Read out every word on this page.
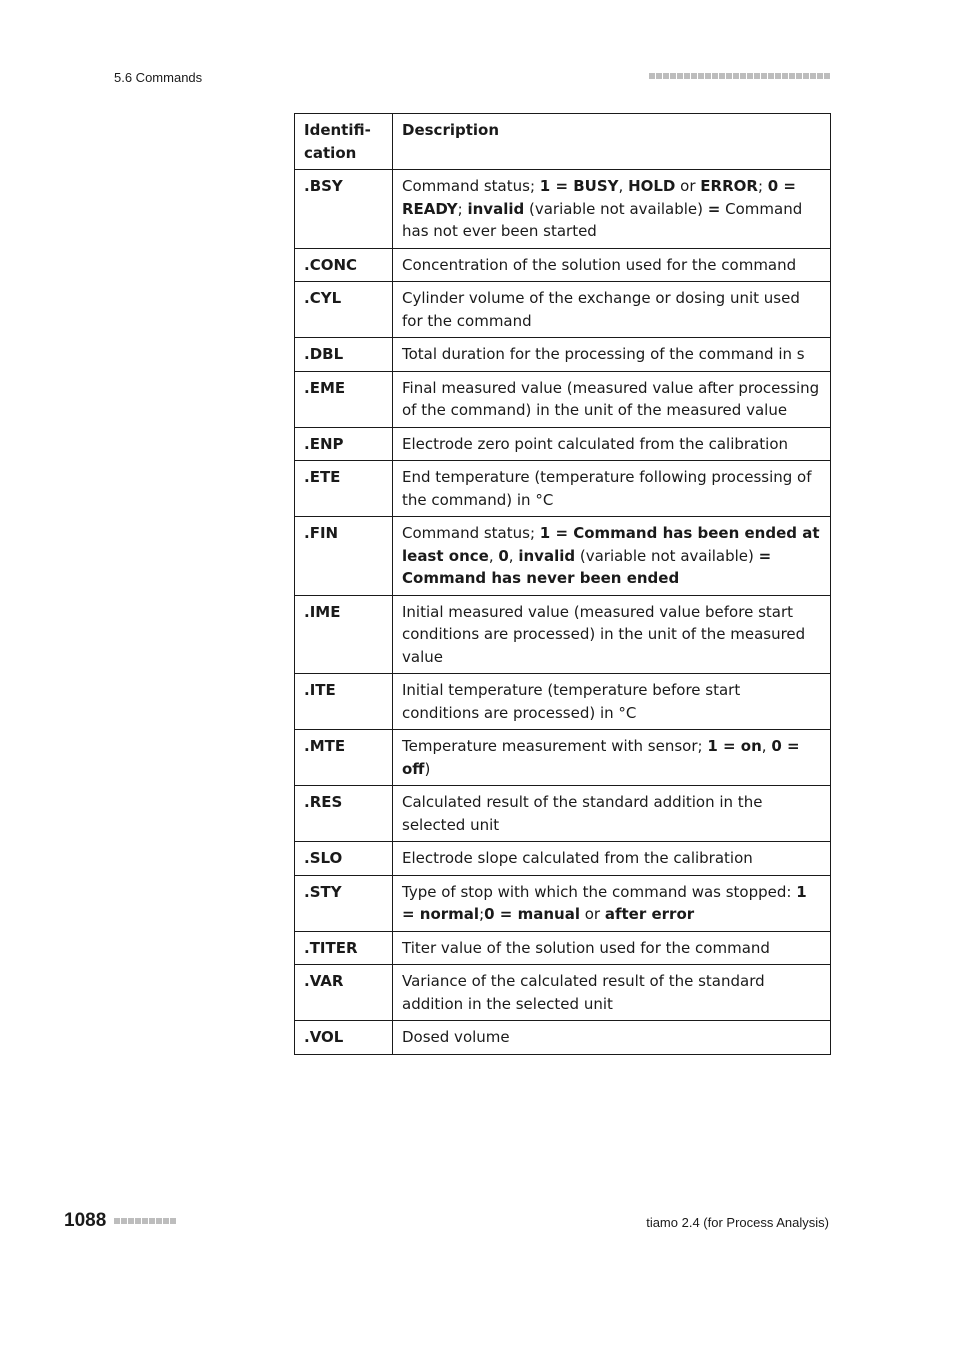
5.6 Commands
Identifi-
cation	Description
.BSY	Command status; 1 = BUSY, HOLD or ERROR; 0 = READY; invalid (variable not available) = Command has not ever been started
.CONC	Concentration of the solution used for the command
.CYL	Cylinder volume of the exchange or dosing unit used for the command
.DBL	Total duration for the processing of the command in s
.EME	Final measured value (measured value after processing of the command) in the unit of the measured value
.ENP	Electrode zero point calculated from the calibration
.ETE	End temperature (temperature following processing of the command) in °C
.FIN	Command status; 1 = Command has been ended at least once, 0, invalid (variable not available) = Command has never been ended
.IME	Initial measured value (measured value before start conditions are processed) in the unit of the measured value
.ITE	Initial temperature (temperature before start conditions are processed) in °C
.MTE	Temperature measurement with sensor; 1 = on, 0 = off)
.RES	Calculated result of the standard addition in the selected unit
.SLO	Electrode slope calculated from the calibration
.STY	Type of stop with which the command was stopped: 1 = normal;0 = manual or after error
.TITER	Titer value of the solution used for the command
.VAR	Variance of the calculated result of the standard addition in the selected unit
.VOL	Dosed volume
1088	tiamo 2.4 (for Process Analysis)
